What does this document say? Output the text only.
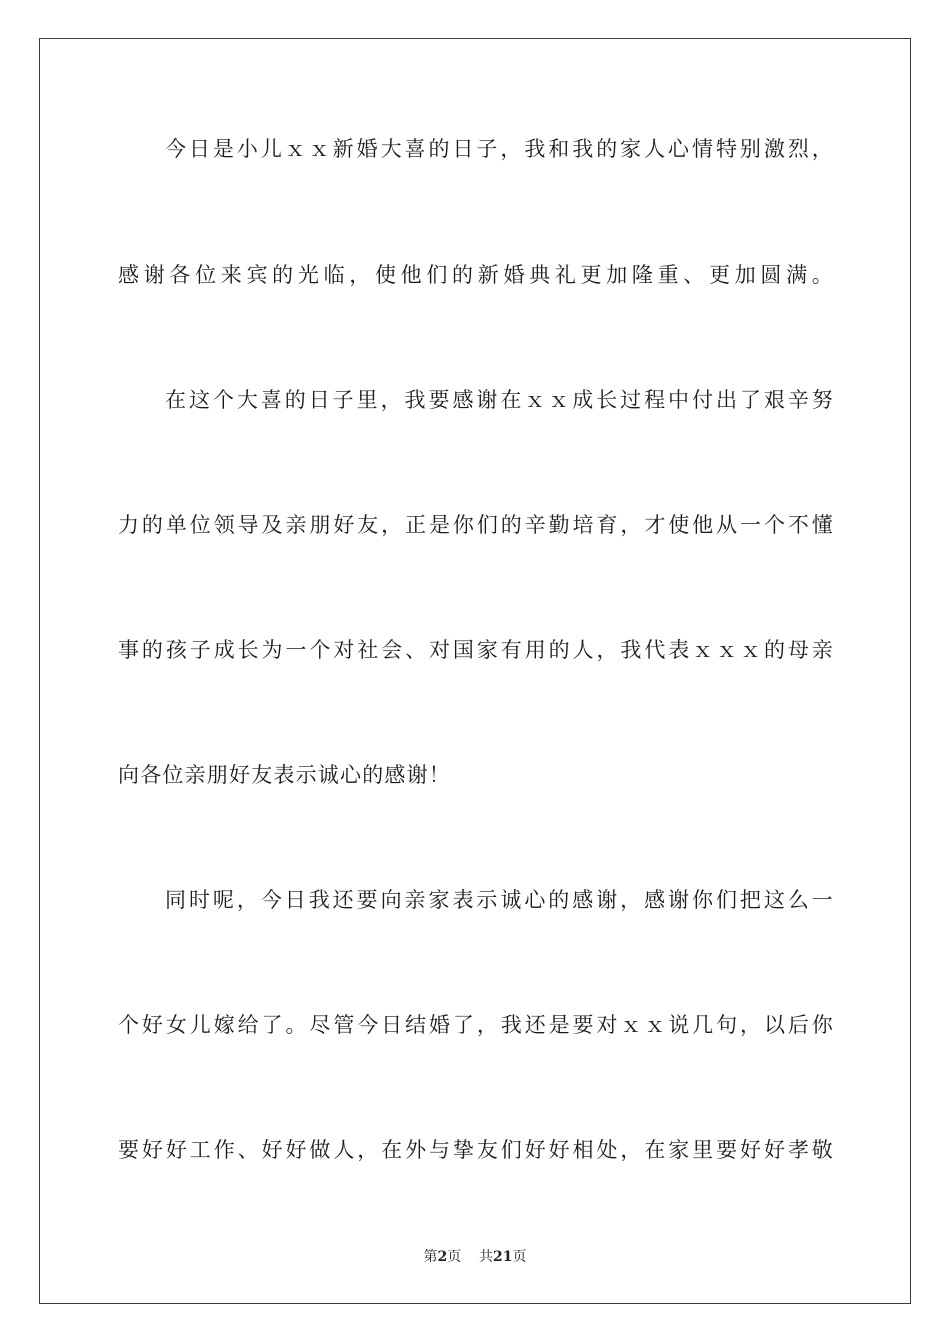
今日是小儿ｘｘ新婚大喜的日子，我和我的家人心情特别激烈，
感谢各位来宾的光临，使他们的新婚典礼更加隆重、更加圆满。
在这个大喜的日子里，我要感谢在ｘｘ成长过程中付出了艰辛努
力的单位领导及亲朋好友，正是你们的辛勤培育，才使他从一个不懂
事的孩子成长为一个对社会、对国家有用的人，我代表ｘｘｘ的母亲
向各位亲朋好友表示诚心的感谢！
同时呢，今日我还要向亲家表示诚心的感谢，感谢你们把这么一
个好女儿嫁给了。尽管今日结婚了，我还是要对ｘｘ说几句，以后你
要好好工作、好好做人，在外与挚友们好好相处，在家里要好好孝敬
第2页 共21页
